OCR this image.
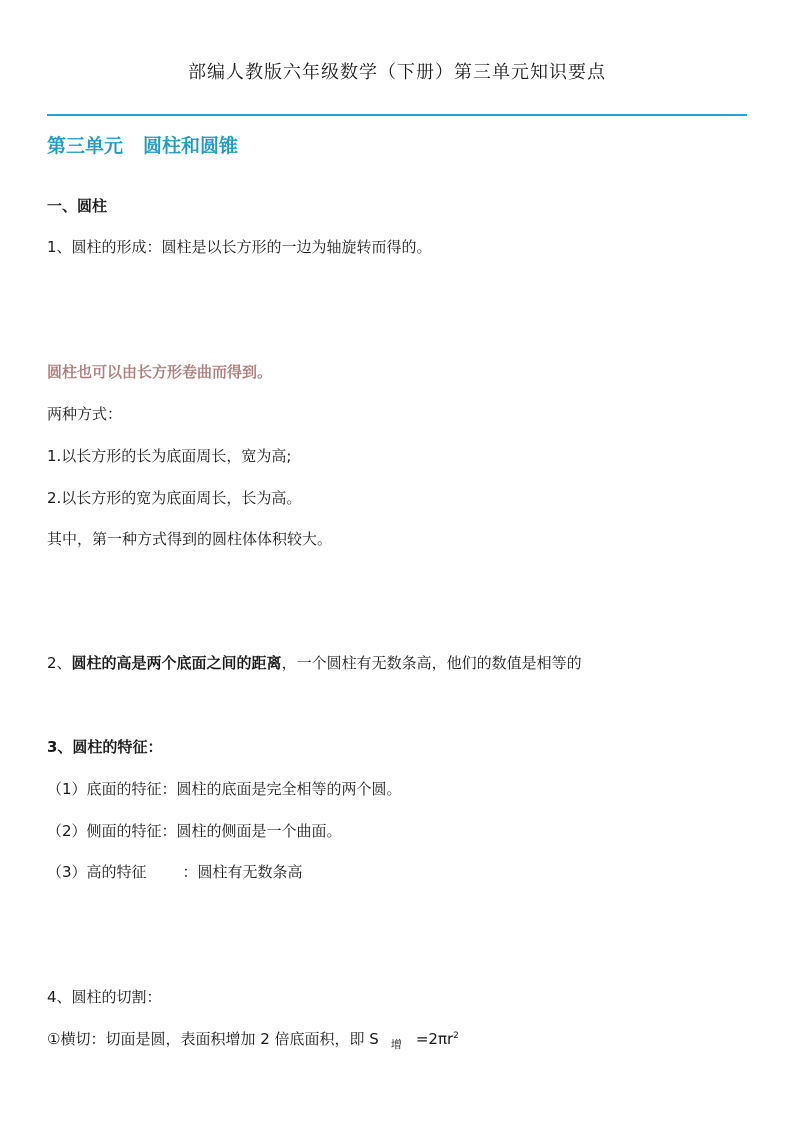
部编人教版六年级数学（下册）第三单元知识要点
第三单元 圆柱和圆锥
一、圆柱
1、圆柱的形成：圆柱是以长方形的一边为轴旋转而得的。
圆柱也可以由长方形卷曲而得到。
两种方式：
1.以长方形的长为底面周长，宽为高;
2.以长方形的宽为底面周长，长为高。
其中，第一种方式得到的圆柱体体积较大。
2、圆柱的高是两个底面之间的距离，一个圆柱有无数条高，他们的数值是相等的
3、圆柱的特征：
（1）底面的特征：圆柱的底面是完全相等的两个圆。
（2）侧面的特征：圆柱的侧面是一个曲面。
（3）高的特征 ：圆柱有无数条高
4、圆柱的切割：
①横切：切面是圆，表面积增加 2 倍底面积，即 S $_增 =2\pi r^2$
